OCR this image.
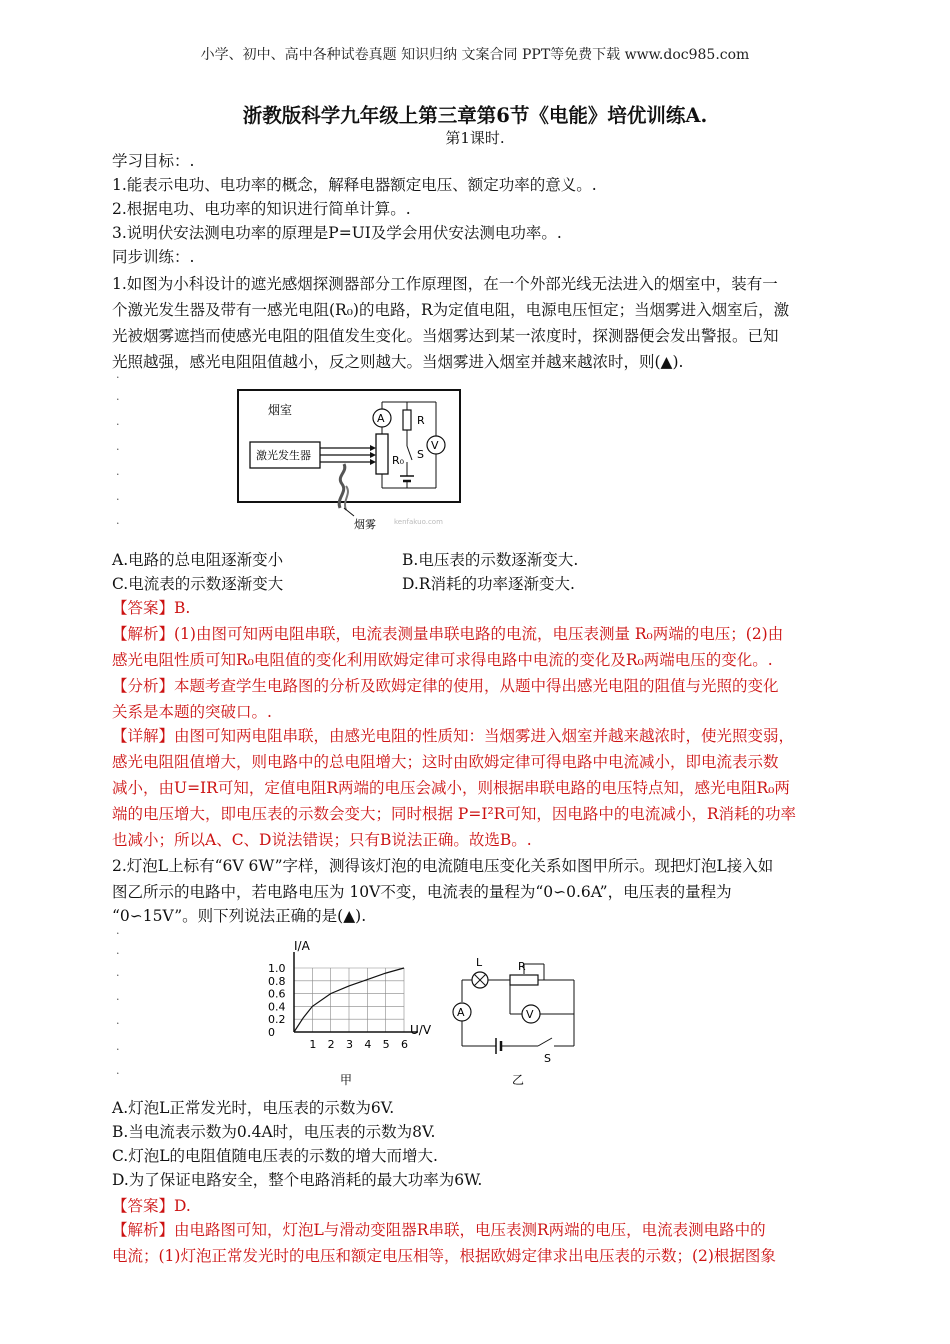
小学、初中、高中各种试卷真题 知识归纳 文案合同 PPT等免费下载 www.doc985.com
浙教版科学九年级上第三章第6节《电能》培优训练A.
第1课时.
学习目标：.
1.能表示电功、电功率的概念，解释电器额定电压、额定功率的意义。.
2.根据电功、电功率的知识进行简单计算。.
3.说明伏安法测电功率的原理是P=UI及学会用伏安法测电功率。.
同步训练：.
1.如图为小科设计的遮光感烟探测器部分工作原理图，在一个外部光线无法进入的烟室中，装有一
个激光发生器及带有一感光电阻(R₀)的电路，R为定值电阻，电源电压恒定；当烟雾进入烟室后，激
光被烟雾遮挡而使感光电阻的阻值发生变化。当烟雾达到某一浓度时，探测器便会发出警报。已知
光照越强，感光电阻阻值越小，反之则越大。当烟雾进入烟室并越来越浓时，则(▲).
.
.
.
.
.
.
.
烟室
激光发生器	R₀
A	R
S
V
烟雾	kenfakuo.com
A.电路的总电阻逐渐变小	B.电压表的示数逐渐变大.
C.电流表的示数逐渐变大	D.R消耗的功率逐渐变大.
【答案】B.
【解析】(1)由图可知两电阻串联，电流表测量串联电路的电流，电压表测量 R₀两端的电压；(2)由
感光电阻性质可知R₀电阻值的变化利用欧姆定律可求得电路中电流的变化及R₀两端电压的变化。.
【分析】本题考查学生电路图的分析及欧姆定律的使用，从题中得出感光电阻的阻值与光照的变化
关系是本题的突破口。.
【详解】由图可知两电阻串联，由感光电阻的性质知：当烟雾进入烟室并越来越浓时，使光照变弱，
感光电阻阻值增大，则电路中的总电阻增大；这时由欧姆定律可得电路中电流减小，即电流表示数
减小，由U=IR可知，定值电阻R两端的电压会减小，则根据串联电路的电压特点知，感光电阻R₀两
端的电压增大，即电压表的示数会变大；同时根据 P=I²R可知，因电路中的电流减小，R消耗的功率
也减小；所以A、C、D说法错误；只有B说法正确。故选B。.
2.灯泡L上标有“6V 6W”字样，测得该灯泡的电流随电压变化关系如图甲所示。现把灯泡L接入如
图乙所示的电路中，若电路电压为 10V不变，电流表的量程为“0∽0.6A”，电压表的量程为
“0∽15V”。则下列说法正确的是(▲).
.
.
.
.
.
.
.
1.0
0.8
0.6
0.4
0.2
0
1 2 3 4 5 6
I/A
U/V
甲
L	R
V
A
S
乙
A.灯泡L正常发光时，电压表的示数为6V.
B.当电流表示数为0.4A时，电压表的示数为8V.
C.灯泡L的电阻值随电压表的示数的增大而增大.
D.为了保证电路安全，整个电路消耗的最大功率为6W.
【答案】D.
【解析】由电路图可知，灯泡L与滑动变阻器R串联，电压表测R两端的电压，电流表测电路中的
电流；(1)灯泡正常发光时的电压和额定电压相等，根据欧姆定律求出电压表的示数；(2)根据图象
